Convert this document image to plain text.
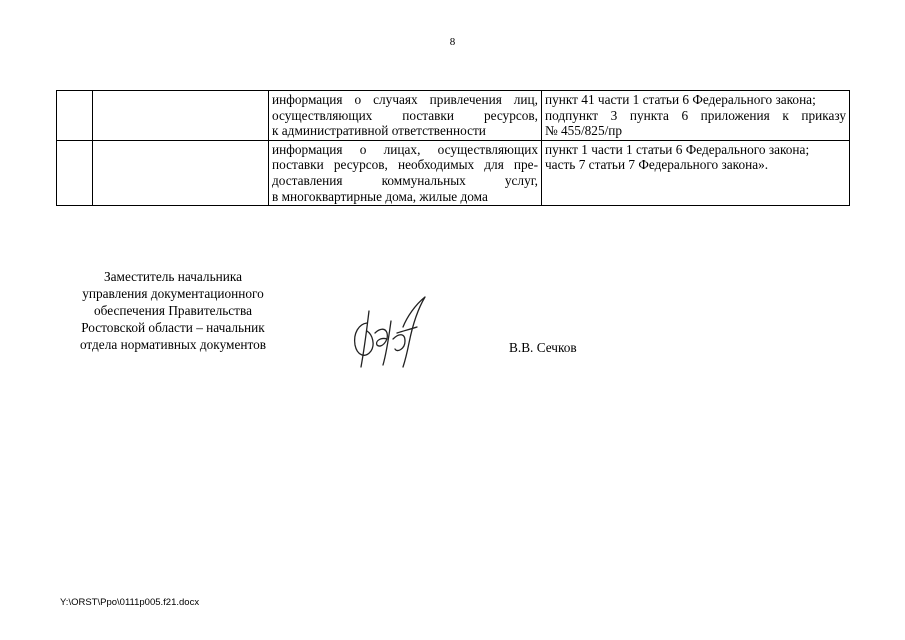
8

		информация о случаях привлечения лиц,
осуществляющих поставки ресурсов,
к административной ответственности	пункт 41 части 1 статьи 6 Федерального закона;
подпункт 3 пункта 6 приложения к приказу
№ 455/825/пр

		информация о лицах, осуществляющих
поставки ресурсов, необходимых для пре-
доставления коммунальных услуг,
в многоквартирные дома, жилые дома	пункт 1 части 1 статьи 6 Федерального закона;
часть 7 статьи 7 Федерального закона».
Заместитель начальника
управления документационного
обеспечения Правительства
Ростовской области – начальник
отдела нормативных документов	В.В. Сечков
Y:\ORST\Ppo\0111p005.f21.docx
